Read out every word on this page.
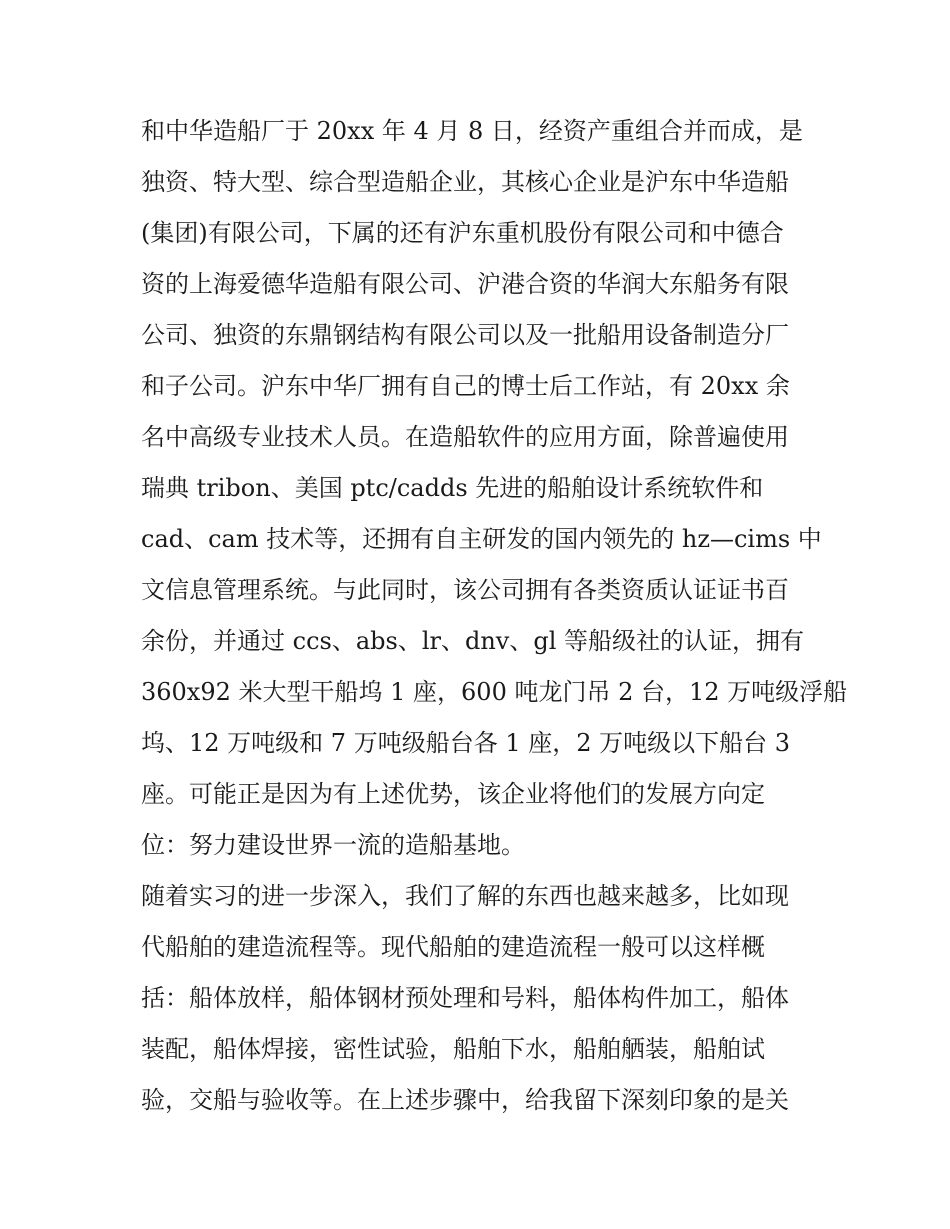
和中华造船厂于 20xx 年 4 月 8 日，经资产重组合并而成，是
独资、特大型、综合型造船企业，其核心企业是沪东中华造船
(集团)有限公司，下属的还有沪东重机股份有限公司和中德合
资的上海爱德华造船有限公司、沪港合资的华润大东船务有限
公司、独资的东鼎钢结构有限公司以及一批船用设备制造分厂
和子公司。沪东中华厂拥有自己的博士后工作站，有 20xx 余
名中高级专业技术人员。在造船软件的应用方面，除普遍使用
瑞典 tribon、美国 ptc/cadds 先进的船舶设计系统软件和
cad、cam 技术等，还拥有自主研发的国内领先的 hz—cims 中
文信息管理系统。与此同时，该公司拥有各类资质认证证书百
余份，并通过 ccs、abs、lr、dnv、gl 等船级社的认证，拥有
360x92 米大型干船坞 1 座，600 吨龙门吊 2 台，12 万吨级浮船
坞、12 万吨级和 7 万吨级船台各 1 座，2 万吨级以下船台 3
座。可能正是因为有上述优势，该企业将他们的发展方向定
位：努力建设世界一流的造船基地。
随着实习的进一步深入，我们了解的东西也越来越多，比如现
代船舶的建造流程等。现代船舶的建造流程一般可以这样概
括：船体放样，船体钢材预处理和号料，船体构件加工，船体
装配，船体焊接，密性试验，船舶下水，船舶舾装，船舶试
验，交船与验收等。在上述步骤中，给我留下深刻印象的是关
